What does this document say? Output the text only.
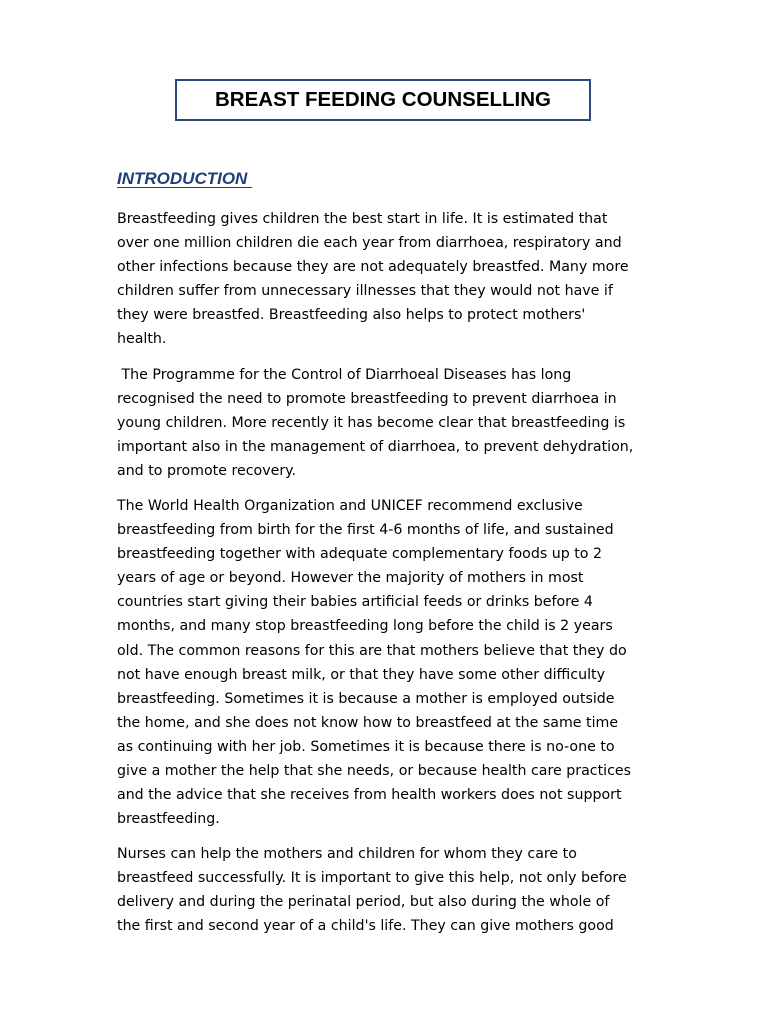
BREAST FEEDING COUNSELLING
INTRODUCTION
Breastfeeding gives children the best start in life. It is estimated that
over one million children die each year from diarrhoea, respiratory and
other infections because they are not adequately breastfed. Many more
children suffer from unnecessary illnesses that they would not have if
they were breastfed. Breastfeeding also helps to protect mothers'
health.
The Programme for the Control of Diarrhoeal Diseases has long
recognised the need to promote breastfeeding to prevent diarrhoea in
young children. More recently it has become clear that breastfeeding is
important also in the management of diarrhoea, to prevent dehydration,
and to promote recovery.
The World Health Organization and UNICEF recommend exclusive
breastfeeding from birth for the first 4-6 months of life, and sustained
breastfeeding together with adequate complementary foods up to 2
years of age or beyond. However the majority of mothers in most
countries start giving their babies artificial feeds or drinks before 4
months, and many stop breastfeeding long before the child is 2 years
old. The common reasons for this are that mothers believe that they do
not have enough breast milk, or that they have some other difficulty
breastfeeding. Sometimes it is because a mother is employed outside
the home, and she does not know how to breastfeed at the same time
as continuing with her job. Sometimes it is because there is no-one to
give a mother the help that she needs, or because health care practices
and the advice that she receives from health workers does not support
breastfeeding.
Nurses can help the mothers and children for whom they care to
breastfeed successfully. It is important to give this help, not only before
delivery and during the perinatal period, but also during the whole of
the first and second year of a child's life. They can give mothers good
